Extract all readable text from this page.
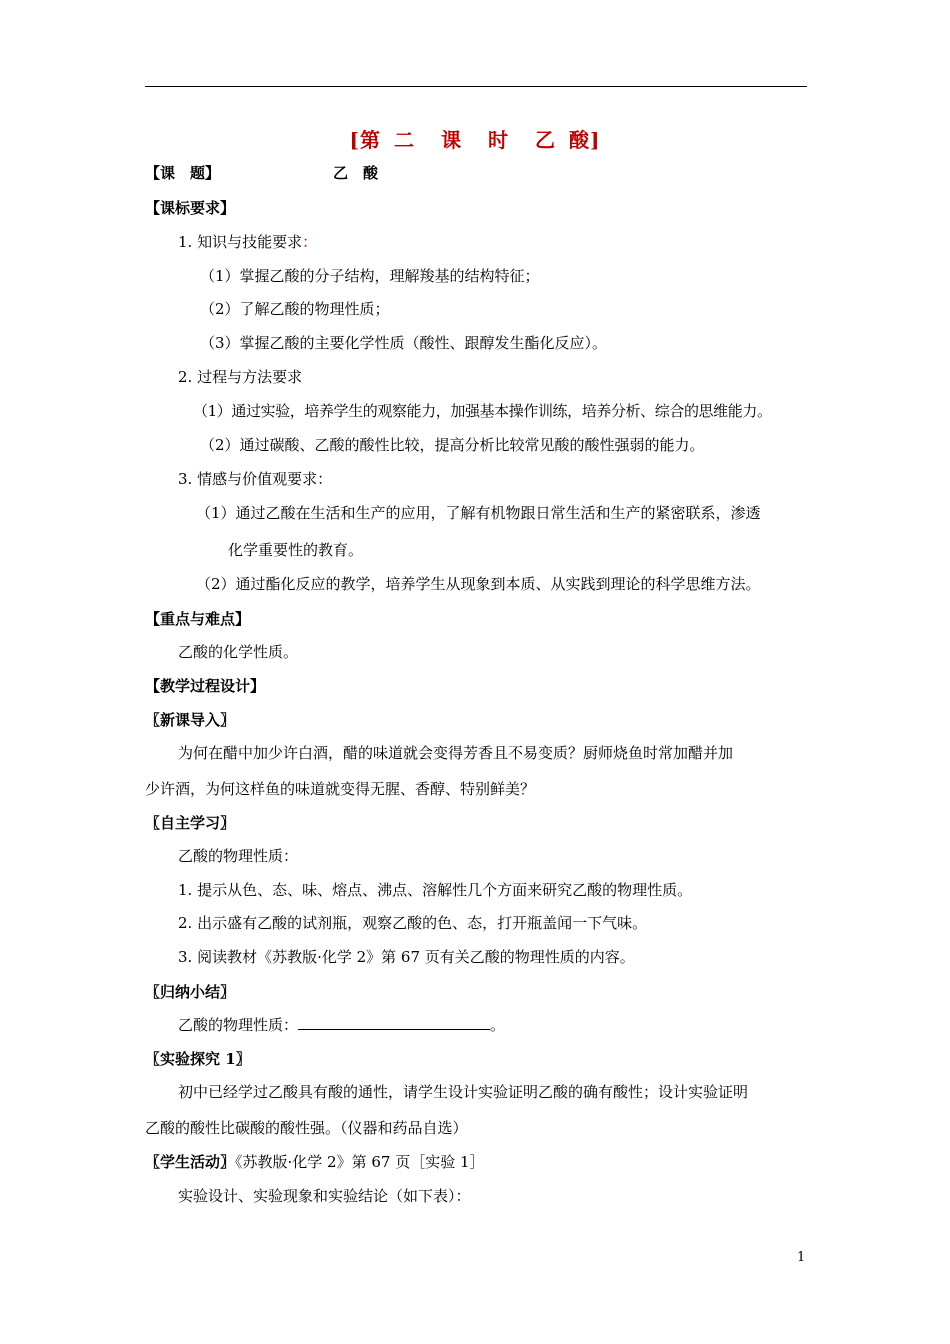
[第 二 课 时 乙 酸]
【课　题】	乙　酸
【课标要求】
1. 知识与技能要求：
（1）掌握乙酸的分子结构，理解羧基的结构特征；
（2）了解乙酸的物理性质；
（3）掌握乙酸的主要化学性质（酸性、跟醇发生酯化反应）。
2. 过程与方法要求
（1）通过实验，培养学生的观察能力，加强基本操作训练，培养分析、综合的思维能力。
（2）通过碳酸、乙酸的酸性比较，提高分析比较常见酸的酸性强弱的能力。
3. 情感与价值观要求：
（1）通过乙酸在生活和生产的应用，了解有机物跟日常生活和生产的紧密联系，渗透
化学重要性的教育。
（2）通过酯化反应的教学，培养学生从现象到本质、从实践到理论的科学思维方法。
【重点与难点】
乙酸的化学性质。
【教学过程设计】
〖新课导入〗
为何在醋中加少许白酒，醋的味道就会变得芳香且不易变质？厨师烧鱼时常加醋并加
少许酒，为何这样鱼的味道就变得无腥、香醇、特别鲜美？
〖自主学习〗
乙酸的物理性质：
1. 提示从色、态、味、熔点、沸点、溶解性几个方面来研究乙酸的物理性质。
2. 出示盛有乙酸的试剂瓶，观察乙酸的色、态，打开瓶盖闻一下气味。
3. 阅读教材《苏教版·化学 2》第 67 页有关乙酸的物理性质的内容。
〖归纳小结〗
乙酸的物理性质：	。
〖实验探究 1〗
初中已经学过乙酸具有酸的通性，请学生设计实验证明乙酸的确有酸性；设计实验证明
乙酸的酸性比碳酸的酸性强。（仪器和药品自选）
〖学生活动〗《苏教版·化学 2》第 67 页［实验 1］
实验设计、实验现象和实验结论（如下表）：
1
